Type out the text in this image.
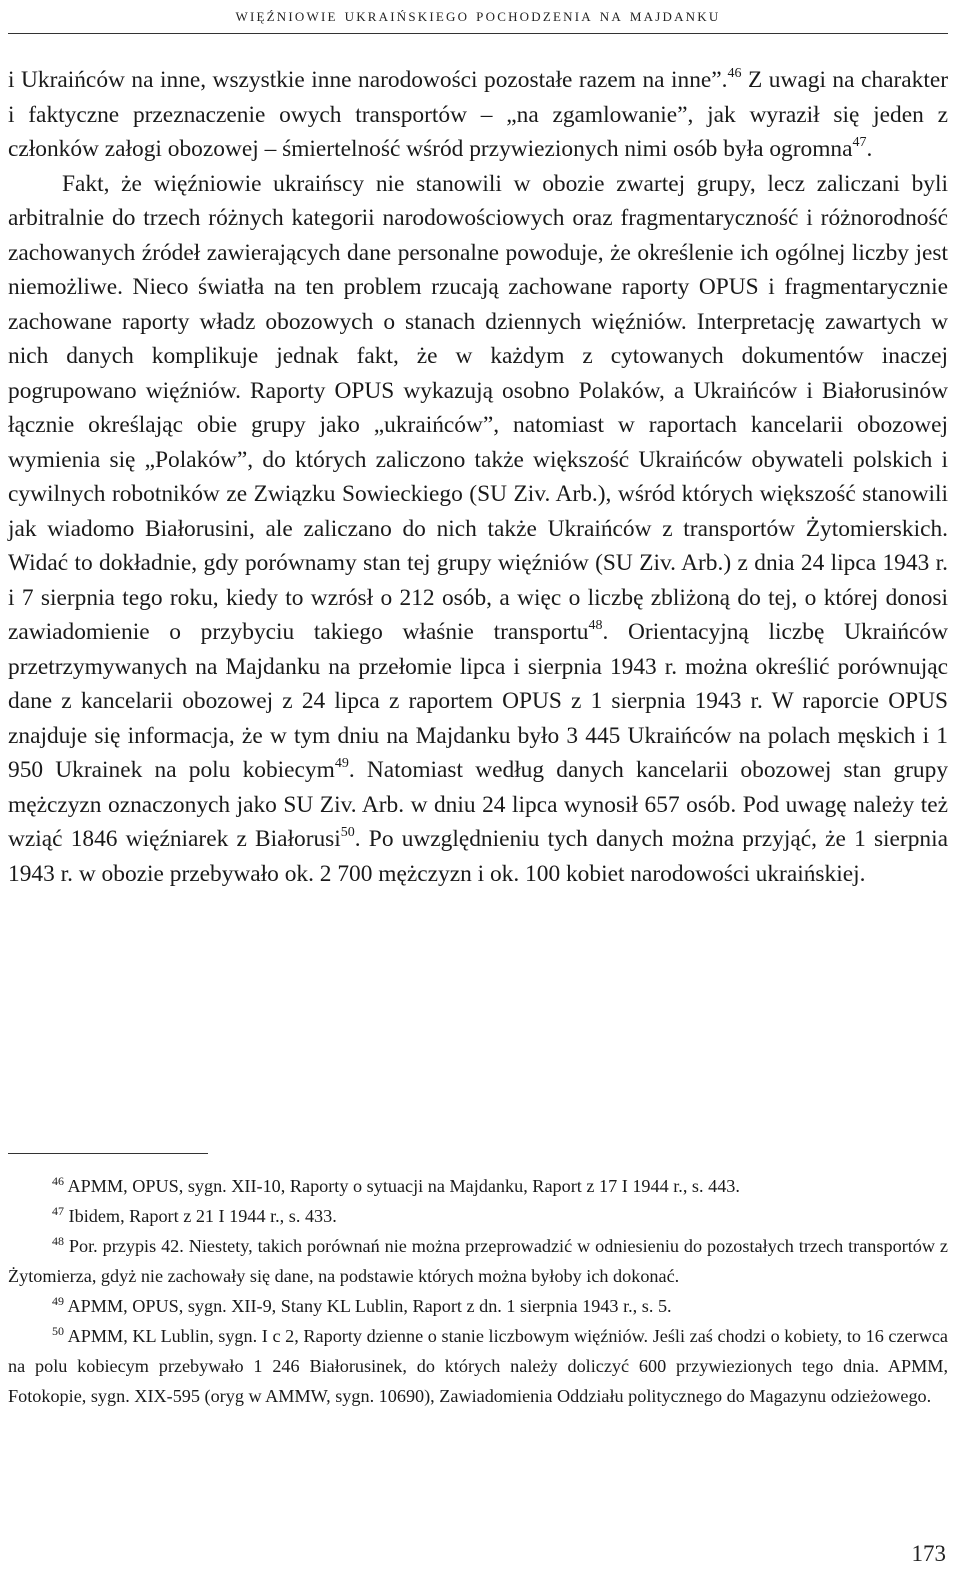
więźniowie ukraińskiego pochodzenia na majdanku

i Ukraińców na inne, wszystkie inne narodowości pozostałe razem na inne”.$^{46}$ Z uwagi na charakter i faktyczne przeznaczenie owych transportów – „na zgamlowanie”, jak wyraził się jeden z członków załogi obozowej – śmiertelność wśród przywiezionych nimi osób była ogromna$^{47}$.

Fakt, że więźniowie ukraińscy nie stanowili w obozie zwartej grupy, lecz zaliczani byli arbitralnie do trzech różnych kategorii narodowościowych oraz fragmentaryczność i różnorodność zachowanych źródeł zawierających dane personalne powoduje, że określenie ich ogólnej liczby jest niemożliwe. Nieco światła na ten problem rzucają zachowane raporty OPUS i fragmentarycznie zachowane raporty władz obozowych o stanach dziennych więźniów. Interpretację zawartych w nich danych komplikuje jednak fakt, że w każdym z cytowanych dokumentów inaczej pogrupowano więźniów. Raporty OPUS wykazują osobno Polaków, a Ukraińców i Białorusinów łącznie określając obie grupy jako „ukraińców”, natomiast w raportach kancelarii obozowej wymienia się „Polaków”, do których zaliczono także większość Ukraińców obywateli polskich i cywilnych robotników ze Związku Sowieckiego (SU Ziv. Arb.), wśród których większość stanowili jak wiadomo Białorusini, ale zaliczano do nich także Ukraińców z transportów Żytomierskich. Widać to dokładnie, gdy porównamy stan tej grupy więźniów (SU Ziv. Arb.) z dnia 24 lipca 1943 r. i 7 sierpnia tego roku, kiedy to wzrósł o 212 osób, a więc o liczbę zbliżoną do tej, o której donosi zawiadomienie o przybyciu takiego właśnie transportu$^{48}$. Orientacyjną liczbę Ukraińców przetrzymywanych na Majdanku na przełomie lipca i sierpnia 1943 r. można określić porównując dane z kancelarii obozowej z 24 lipca z raportem OPUS z 1 sierpnia 1943 r. W raporcie OPUS znajduje się informacja, że w tym dniu na Majdanku było 3 445 Ukraińców na polach męskich i 1 950 Ukrainek na polu kobiecym$^{49}$. Natomiast według danych kancelarii obozowej stan grupy mężczyzn oznaczonych jako SU Ziv. Arb. w dniu 24 lipca wynosił 657 osób. Pod uwagę należy też wziąć 1846 więźniarek z Białorusi$^{50}$. Po uwzględnieniu tych danych można przyjąć, że 1 sierpnia 1943 r. w obozie przebywało ok. 2 700 mężczyzn i ok. 100 kobiet narodowości ukraińskiej.

$^{46}$ APMM, OPUS, sygn. XII-10, Raporty o sytuacji na Majdanku, Raport z 17 I 1944 r., s. 443.

$^{47}$ Ibidem, Raport z 21 I 1944 r., s. 433.

$^{48}$ Por. przypis 42. Niestety, takich porównań nie można przeprowadzić w odniesieniu do pozostałych trzech transportów z Żytomierza, gdyż nie zachowały się dane, na podstawie których można byłoby ich dokonać.

$^{49}$ APMM, OPUS, sygn. XII-9, Stany KL Lublin, Raport z dn. 1 sierpnia 1943 r., s. 5.

$^{50}$ APMM, KL Lublin, sygn. I c 2, Raporty dzienne o stanie liczbowym więźniów. Jeśli zaś chodzi o kobiety, to 16 czerwca na polu kobiecym przebywało 1 246 Białorusinek, do których należy doliczyć 600 przywiezionych tego dnia. APMM, Fotokopie, sygn. XIX-595 (oryg w AMMW, sygn. 10690), Zawiadomienia Oddziału politycznego do Magazynu odzieżowego.

173
